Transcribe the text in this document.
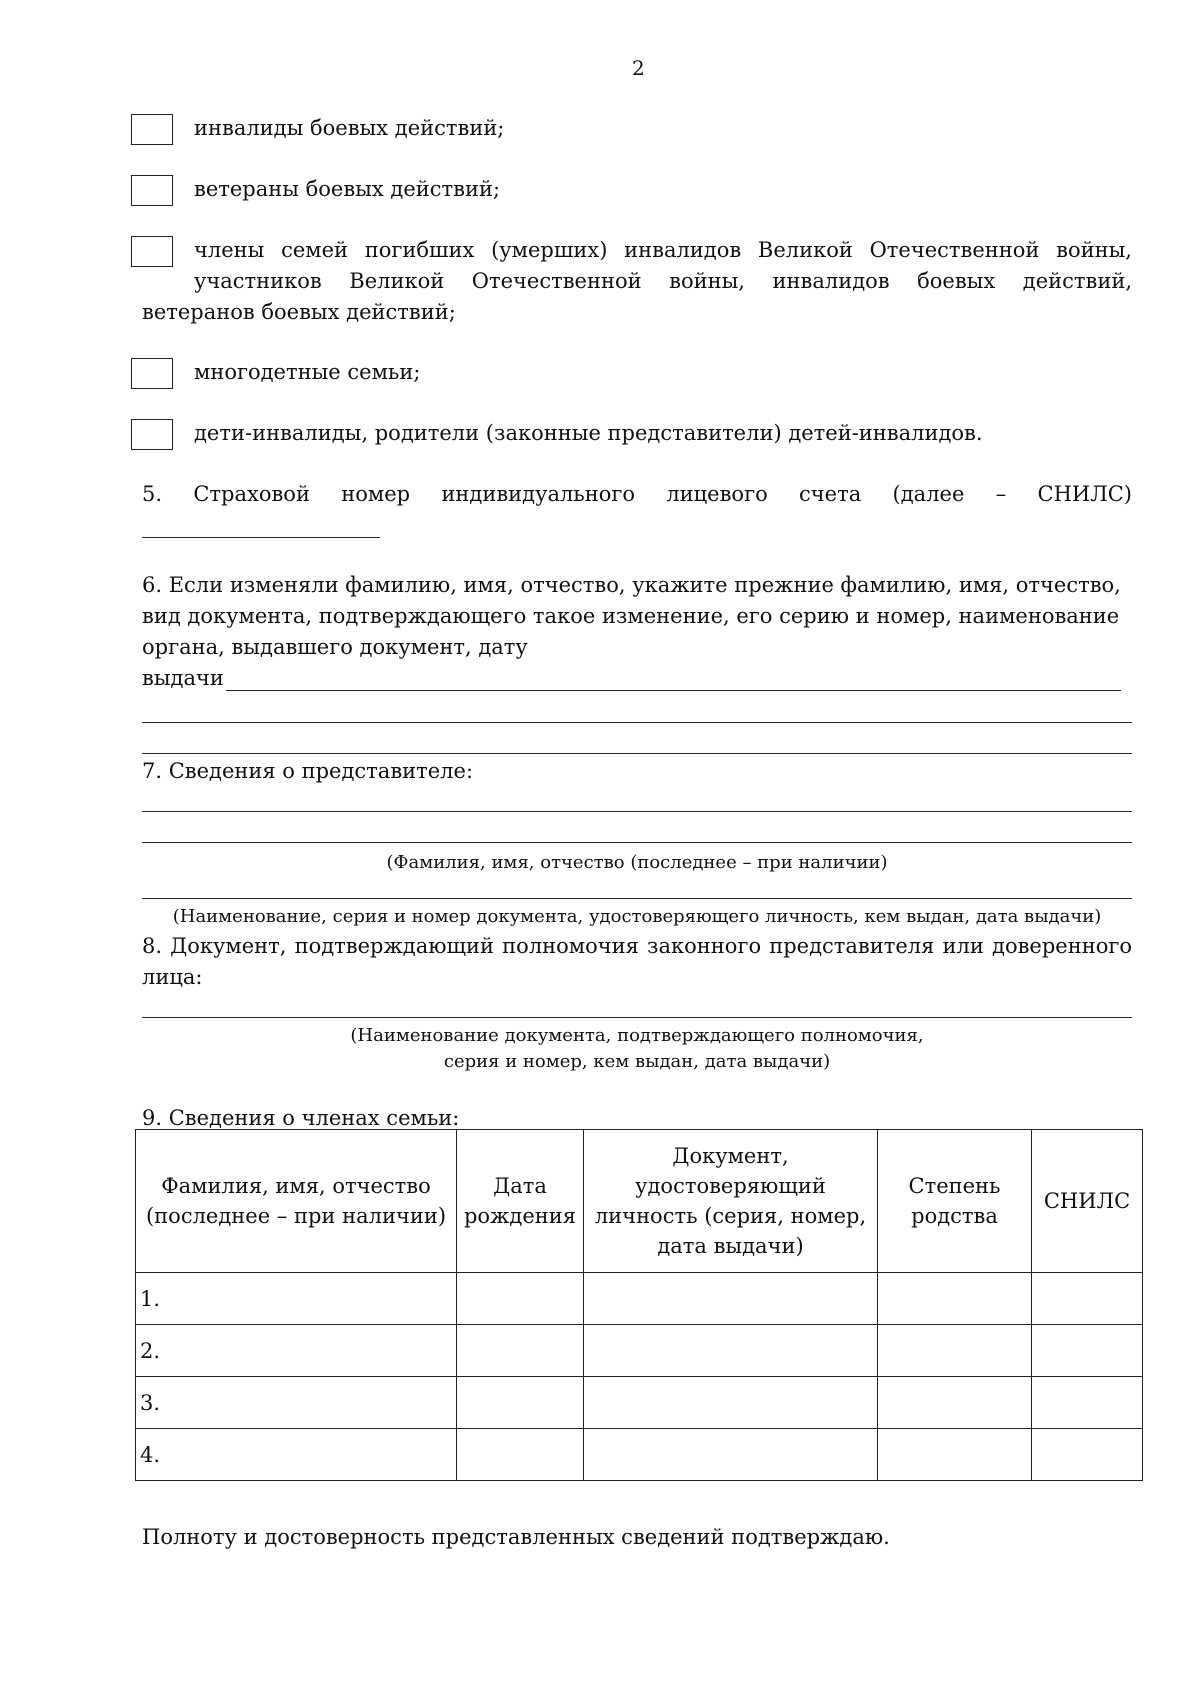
2
инвалиды боевых действий;
ветераны боевых действий;
члены семей погибших (умерших) инвалидов Великой Отечественной войны,
участников Великой Отечественной войны, инвалидов боевых действий,
ветеранов боевых действий;
многодетные семьи;
дети-инвалиды, родители (законные представители) детей-инвалидов.
5. Страховой номер индивидуального лицевого счета (далее – СНИЛС)
6. Если изменяли фамилию, имя, отчество, укажите прежние фамилию, имя, отчество,
вид документа, подтверждающего такое изменение, его серию и номер, наименование
органа, выдавшего документ, дату
выдачи
7. Сведения о представителе:
(Фамилия, имя, отчество (последнее – при наличии)
(Наименование, серия и номер документа, удостоверяющего личность, кем выдан, дата выдачи)
8. Документ, подтверждающий полномочия законного представителя или доверенного
лица:
(Наименование документа, подтверждающего полномочия,
серия и номер, кем выдан, дата выдачи)
9. Сведения о членах семьи:
Фамилия, имя, отчество (последнее – при наличии)	Дата рождения	Документ, удостоверяющий личность (серия, номер, дата выдачи)	Степень родства	СНИЛС
1.				
2.				
3.				
4.				
Полноту и достоверность представленных сведений подтверждаю.
